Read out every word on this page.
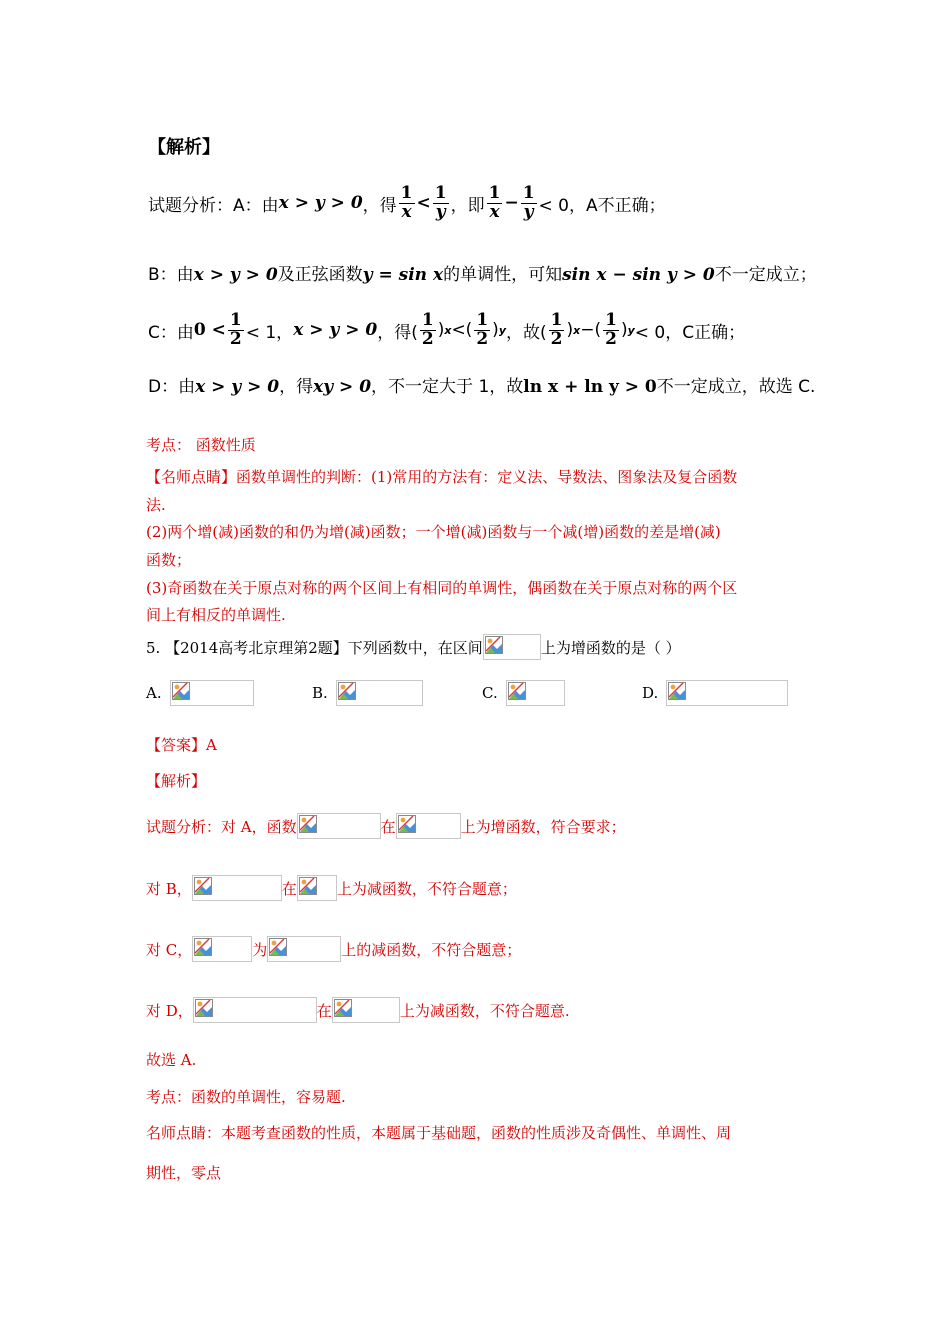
【解析】
试题分析：A：由 x > y > 0 ，得 $\frac{1}{x} < \frac{1}{y}$ ，即 $\frac{1}{x} - \frac{1}{y} < 0$，A不正确；
B：由x > y > 0及正弦函数y = sin x的单调性，可知sin x − sin y > 0不一定成立；
C：由 $0 < \frac{1}{2} < 1$， x > y > 0 ，得( $\frac{1}{2}$ ) x <( $\frac{1}{2}$ ) y ，故( $\frac{1}{2}$ ) x −( $\frac{1}{2}$ ) y < 0，C正确；
D：由x > y > 0，得xy > 0，不一定大于 1，故ln x + ln y > 0不一定成立，故选 C.
考点： 函数性质
【名师点睛】函数单调性的判断：(1)常用的方法有：定义法、导数法、图象法及复合函数
法.
(2)两个增(减)函数的和仍为增(减)函数；一个增(减)函数与一个减(增)函数的差是增(减)
函数；
(3)奇函数在关于原点对称的两个区间上有相同的单调性，偶函数在关于原点对称的两个区
间上有相反的单调性.
5. 【2014高考北京理第2题】下列函数中，在区间	上为增函数的是（ ）
A.	B.	C.	D.
【答案】A
【解析】
试题分析：对 A，函数	在	上为增函数，符合要求；
对 B，	在	上为减函数，不符合题意；
对 C，	为	上的减函数，不符合题意；
对 D，	在	上为减函数，不符合题意.
故选 A.
考点：函数的单调性，容易题.
名师点睛：本题考查函数的性质，本题属于基础题，函数的性质涉及奇偶性、单调性、周
期性，零点
